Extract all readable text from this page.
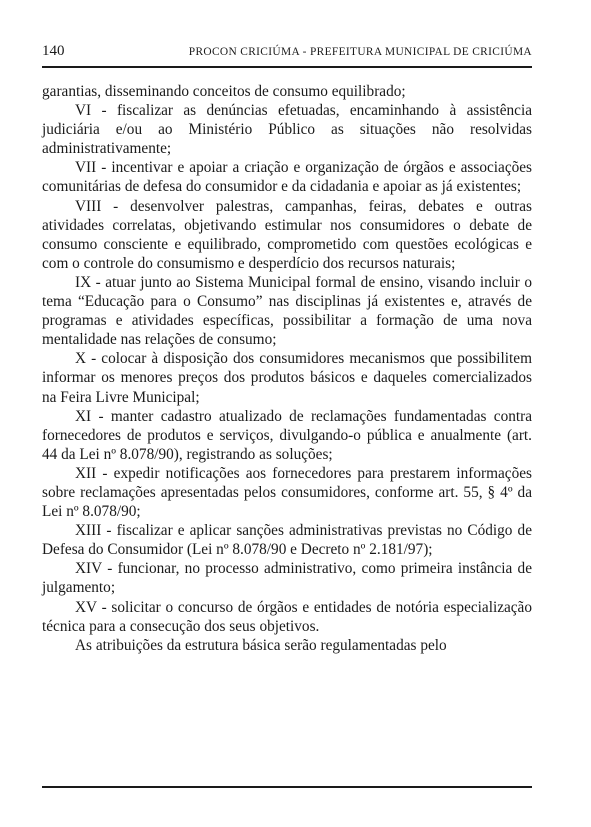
140	PROCON CRICIÚMA - PREFEITURA MUNICIPAL DE CRICIÚMA

garantias, disseminando conceitos de consumo equilibrado;

VI - fiscalizar as denúncias efetuadas, encaminhando à assistência judiciária e/ou ao Ministério Público as situações não resolvidas administrativamente;

VII - incentivar e apoiar a criação e organização de órgãos e associações comunitárias de defesa do consumidor e da cidadania e apoiar as já existentes;

VIII - desenvolver palestras, campanhas, feiras, debates e outras atividades correlatas, objetivando estimular nos consumidores o debate de consumo consciente e equilibrado, comprometido com questões ecológicas e com o controle do consumismo e desperdício dos recursos naturais;

IX - atuar junto ao Sistema Municipal formal de ensino, visando incluir o tema “Educação para o Consumo” nas disciplinas já existentes e, através de programas e atividades específicas, possibilitar a formação de uma nova mentalidade nas relações de consumo;

X - colocar à disposição dos consumidores mecanismos que possibilitem informar os menores preços dos produtos básicos e daqueles comercializados na Feira Livre Municipal;

XI - manter cadastro atualizado de reclamações fundamentadas contra fornecedores de produtos e serviços, divulgando-o pública e anualmente (art. 44 da Lei nº 8.078/90), registrando as soluções;

XII - expedir notificações aos fornecedores para prestarem informações sobre reclamações apresentadas pelos consumidores, conforme art. 55, § 4º da Lei nº 8.078/90;

XIII - fiscalizar e aplicar sanções administrativas previstas no Código de Defesa do Consumidor (Lei nº 8.078/90 e Decreto nº 2.181/97);

XIV - funcionar, no processo administrativo, como primeira instância de julgamento;

XV - solicitar o concurso de órgãos e entidades de notória especialização técnica para a consecução dos seus objetivos.

As atribuições da estrutura básica serão regulamentadas pelo
